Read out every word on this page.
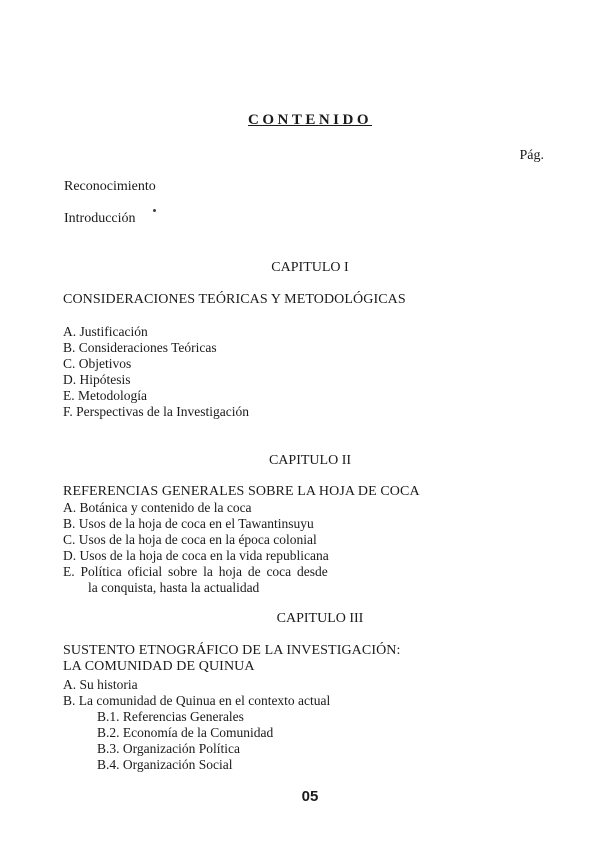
CONTENIDO
Pág.
Reconocimiento
Introducción
CAPITULO I
CONSIDERACIONES TEÓRICAS Y METODOLÓGICAS
A. Justificación
B. Consideraciones Teóricas
C. Objetivos
D. Hipótesis
E. Metodología
F. Perspectivas de la Investigación
CAPITULO II
REFERENCIAS GENERALES SOBRE LA HOJA DE COCA
A. Botánica y contenido de la coca
B. Usos de la hoja de coca en el Tawantinsuyu
C. Usos de la hoja de coca en la época colonial
D. Usos de la hoja de coca en la vida republicana
E. Política oficial sobre la hoja de coca desde
la conquista, hasta la actualidad
CAPITULO III
SUSTENTO ETNOGRÁFICO DE LA INVESTIGACIÓN:
LA COMUNIDAD DE QUINUA
A. Su historia
B. La comunidad de Quinua en el contexto actual
B.1. Referencias Generales
B.2. Economía de la Comunidad
B.3. Organización Política
B.4. Organización Social
05
